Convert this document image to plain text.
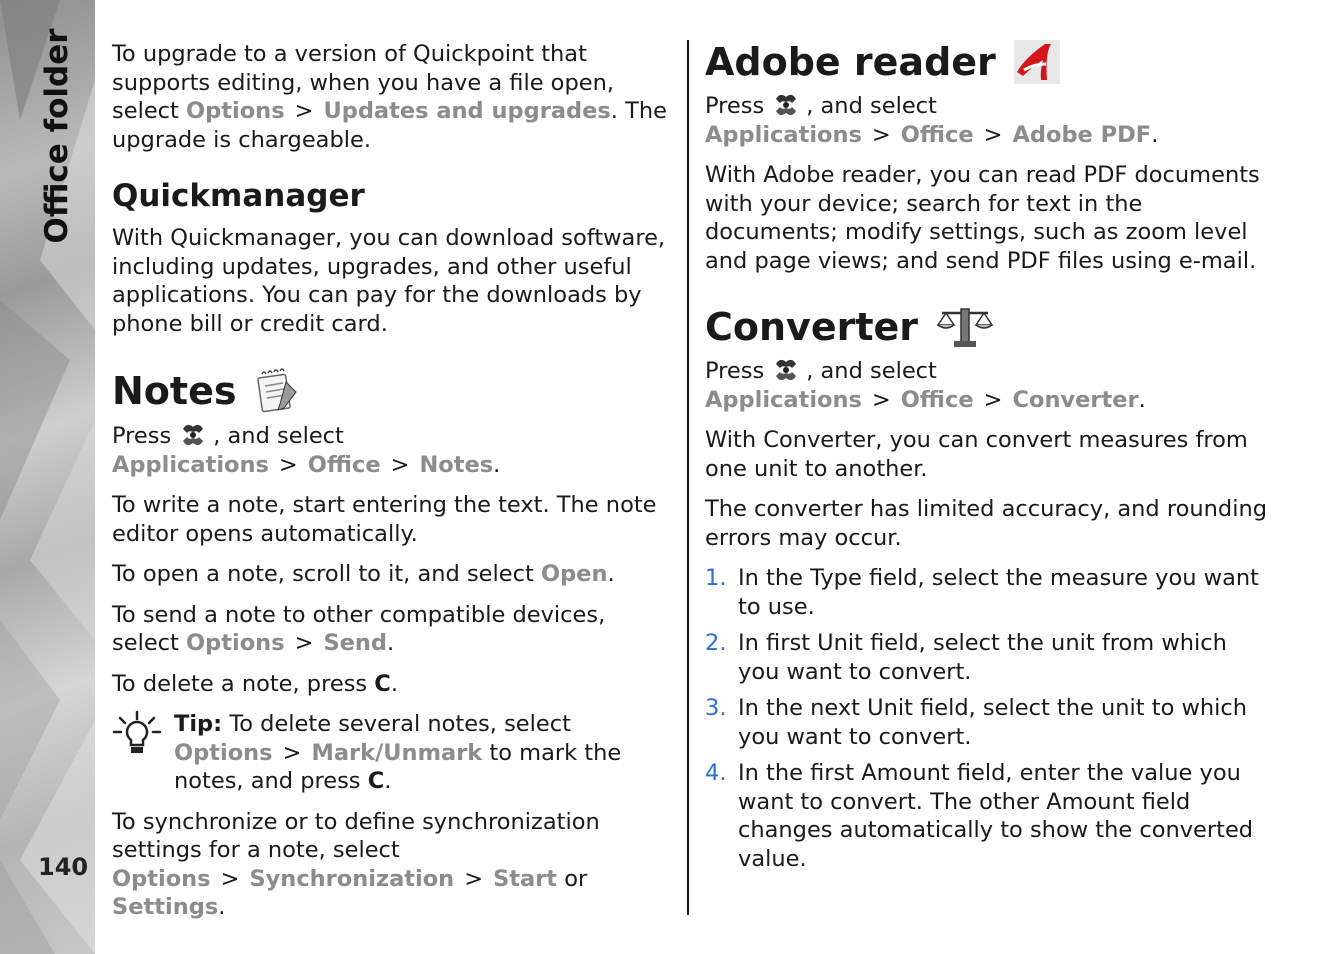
Office folder
140

To upgrade to a version of Quickpoint that supports editing, when you have a file open, select Options > Updates and upgrades. The upgrade is chargeable.

Quickmanager

With Quickmanager, you can download software, including updates, upgrades, and other useful applications. You can pay for the downloads by phone bill or credit card.

Notes

Press , and select Applications > Office > Notes.

To write a note, start entering the text. The note editor opens automatically.

To open a note, scroll to it, and select Open.

To send a note to other compatible devices, select Options > Send.

To delete a note, press C.

Tip: To delete several notes, select Options > Mark/Unmark to mark the notes, and press C.

To synchronize or to define synchronization settings for a note, select Options > Synchronization > Start or Settings.

Adobe reader

Press , and select Applications > Office > Adobe PDF.

With Adobe reader, you can read PDF documents with your device; search for text in the documents; modify settings, such as zoom level and page views; and send PDF files using e-mail.

Converter

Press , and select Applications > Office > Converter.

With Converter, you can convert measures from one unit to another.

The converter has limited accuracy, and rounding errors may occur.

1. In the Type field, select the measure you want to use.
2. In first Unit field, select the unit from which you want to convert.
3. In the next Unit field, select the unit to which you want to convert.
4. In the first Amount field, enter the value you want to convert. The other Amount field changes automatically to show the converted value.
